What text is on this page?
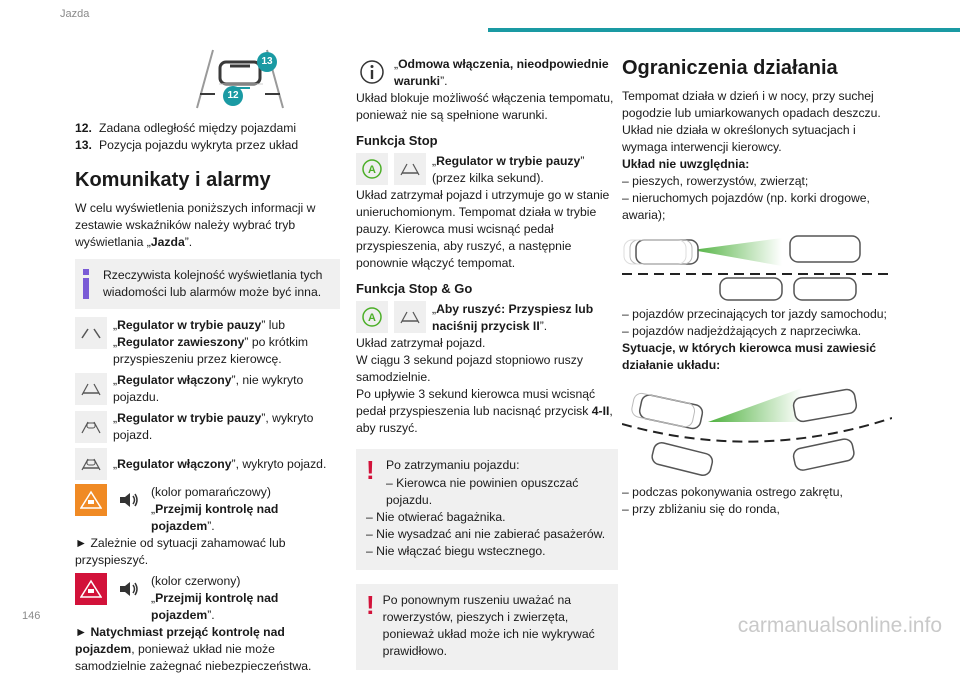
Jazda
13
12
12. Zadana odległość między pojazdami
13. Pozycja pojazdu wykryta przez układ
Komunikaty i alarmy

W celu wyświetlenia poniższych informacji w zestawie wskaźników należy wybrać tryb wyświetlania „Jazda”.

Rzeczywista kolejność wyświetlania tych wiadomości lub alarmów może być inna.
„Regulator w trybie pauzy” lub „Regulator zawieszony” po krótkim przyspieszeniu przez kierowcę.
„Regulator włączony”, nie wykryto pojazdu.
„Regulator w trybie pauzy”, wykryto pojazd.
„Regulator włączony”, wykryto pojazd.
(kolor pomarańczowy)
„Przejmij kontrolę nad pojazdem”.

► Zależnie od sytuacji zahamować lub przyspieszyć.

(kolor czerwony)
„Przejmij kontrolę nad pojazdem”.

► Natychmiast przejąć kontrolę nad pojazdem, ponieważ układ nie może samodzielnie zażegnać niebezpieczeństwa.

„Odmowa włączenia, nieodpowiednie warunki”.

Układ blokuje możliwość włączenia tempomatu, ponieważ nie są spełnione warunki.

Funkcja Stop
A
„Regulator w trybie pauzy” (przez kilka sekund).

Układ zatrzymał pojazd i utrzymuje go w stanie unieruchomionym. Tempomat działa w trybie pauzy. Kierowca musi wcisnąć pedał przyspieszenia, aby ruszyć, a następnie ponownie włączyć tempomat.

Funkcja Stop & Go
A
„Aby ruszyć: Przyspiesz lub naciśnij przycisk II”.

Układ zatrzymał pojazd.

W ciągu 3 sekund pojazd stopniowo ruszy samodzielnie.

Po upływie 3 sekund kierowca musi wcisnąć pedał przyspieszenia lub nacisnąć przycisk 4-II, aby ruszyć.

! Po zatrzymaniu pojazdu:

– Kierowca nie powinien opuszczać pojazdu.

– Nie otwierać bagażnika.

– Nie wysadzać ani nie zabierać pasażerów.

– Nie włączać biegu wstecznego.

! Po ponownym ruszeniu uważać na rowerzystów, pieszych i zwierzęta, ponieważ układ może ich nie wykrywać prawidłowo.
Ograniczenia działania

Tempomat działa w dzień i w nocy, przy suchej pogodzie lub umiarkowanych opadach deszczu.

Układ nie działa w określonych sytuacjach i wymaga interwencji kierowcy.

Układ nie uwzględnia:

– pieszych, rowerzystów, zwierząt;

– nieruchomych pojazdów (np. korki drogowe, awaria);

– pojazdów przecinających tor jazdy samochodu;

– pojazdów nadjeżdżających z naprzeciwka.

Sytuacje, w których kierowca musi zawiesić działanie układu:

– podczas pokonywania ostrego zakrętu,

– przy zbliżaniu się do ronda,

146	carmanualsonline.info
